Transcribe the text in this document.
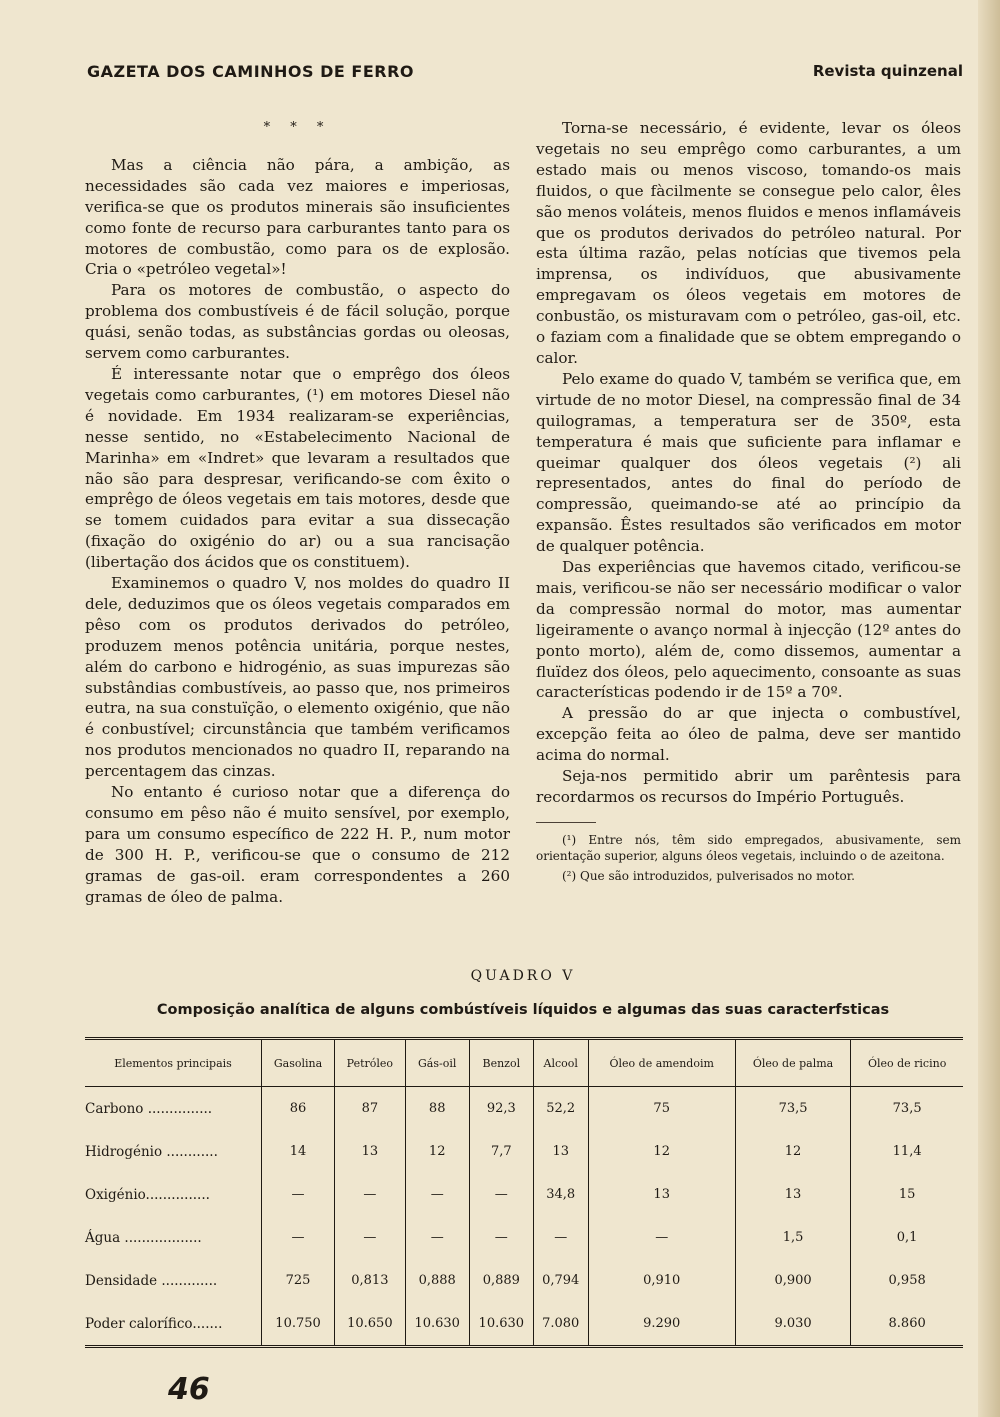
GAZETA DOS CAMINHOS DE FERRO	Revista quinzenal
* * *

Mas a ciência não pára, a ambição, as necessidades são cada vez maiores e imperiosas, verifica-se que os produtos minerais são insuficientes como fonte de recurso para carburantes tanto para os motores de combustão, como para os de explosão. Cria o «petróleo vegetal»!

Para os motores de combustão, o aspecto do problema dos combustíveis é de fácil solução, porque quási, senão todas, as substâncias gordas ou oleosas, servem como carburantes.

É interessante notar que o emprêgo dos óleos vegetais como carburantes, (¹) em motores Diesel não é novidade. Em 1934 realizaram-se experiências, nesse sentido, no «Estabelecimento Nacional de Marinha» em «Indret» que levaram a resultados que não são para despresar, verificando-se com êxito o emprêgo de óleos vegetais em tais motores, desde que se tomem cuidados para evitar a sua dissecação (fixação do oxigénio do ar) ou a sua rancisação (libertação dos ácidos que os constituem).

Examinemos o quadro V, nos moldes do quadro II dele, deduzimos que os óleos vegetais comparados em pêso com os produtos derivados do petróleo, produzem menos potência unitária, porque nestes, além do carbono e hidrogénio, as suas impurezas são substândias combustíveis, ao passo que, nos primeiros eutra, na sua constuïção, o elemento oxigénio, que não é conbustível; circunstância que também verificamos nos produtos mencionados no quadro II, reparando na percentagem das cinzas.

No entanto é curioso notar que a diferença do consumo em pêso não é muito sensível, por exemplo, para um consumo específico de 222 H. P., num motor de 300 H. P., verificou-se que o consumo de 212 gramas de gas-oil. eram correspondentes a 260 gramas de óleo de palma.

Torna-se necessário, é evidente, levar os óleos vegetais no seu emprêgo como carburantes, a um estado mais ou menos viscoso, tomando-os mais fluidos, o que fàcilmente se consegue pelo calor, êles são menos voláteis, menos fluidos e menos inflamáveis que os produtos derivados do petróleo natural. Por esta última razão, pelas notícias que tivemos pela imprensa, os indivíduos, que abusivamente empregavam os óleos vegetais em motores de conbustão, os misturavam com o petróleo, gas-oil, etc. o faziam com a finalidade que se obtem empregando o calor.

Pelo exame do quado V, também se verifica que, em virtude de no motor Diesel, na compressão final de 34 quilogramas, a temperatura ser de 350º, esta temperatura é mais que suficiente para inflamar e queimar qualquer dos óleos vegetais (²) ali representados, antes do final do período de compressão, queimando-se até ao princípio da expansão. Êstes resultados são verificados em motor de qualquer potência.

Das experiências que havemos citado, verificou-se mais, verificou-se não ser necessário modificar o valor da compressão normal do motor, mas aumentar ligeiramente o avanço normal à injecção (12º antes do ponto morto), além de, como dissemos, aumentar a fluïdez dos óleos, pelo aquecimento, consoante as suas características podendo ir de 15º a 70º.

A pressão do ar que injecta o combustível, excepção feita ao óleo de palma, deve ser mantido acima do normal.

Seja-nos permitido abrir um parêntesis para recordarmos os recursos do Império Português.

(¹) Entre nós, têm sido empregados, abusivamente, sem orientação superior, alguns óleos vegetais, incluindo o de azeitona.

(²) Que são introduzidos, pulverisados no motor.

QUADRO V
Composição analítica de alguns combústíveis líquidos e algumas das suas caracterfsticas
Elementos principais	Gasolina	Petróleo	Gás-oil	Benzol	Alcool	Óleo de amendoim	Óleo de palma	Óleo de ricino
Carbono ...............	86	87	88	92,3	52,2	75	73,5	73,5
Hidrogénio ............	14	13	12	7,7	13	12	12	11,4
Oxigénio...............	—	—	—	—	34,8	13	13	15
Água ..................	—	—	—	—	—	—	1,5	0,1
Densidade .............	725	0,813	0,888	0,889	0,794	0,910	0,900	0,958
Poder calorífico.......	10.750	10.650	10.630	10.630	7.080	9.290	9.030	8.860
46
